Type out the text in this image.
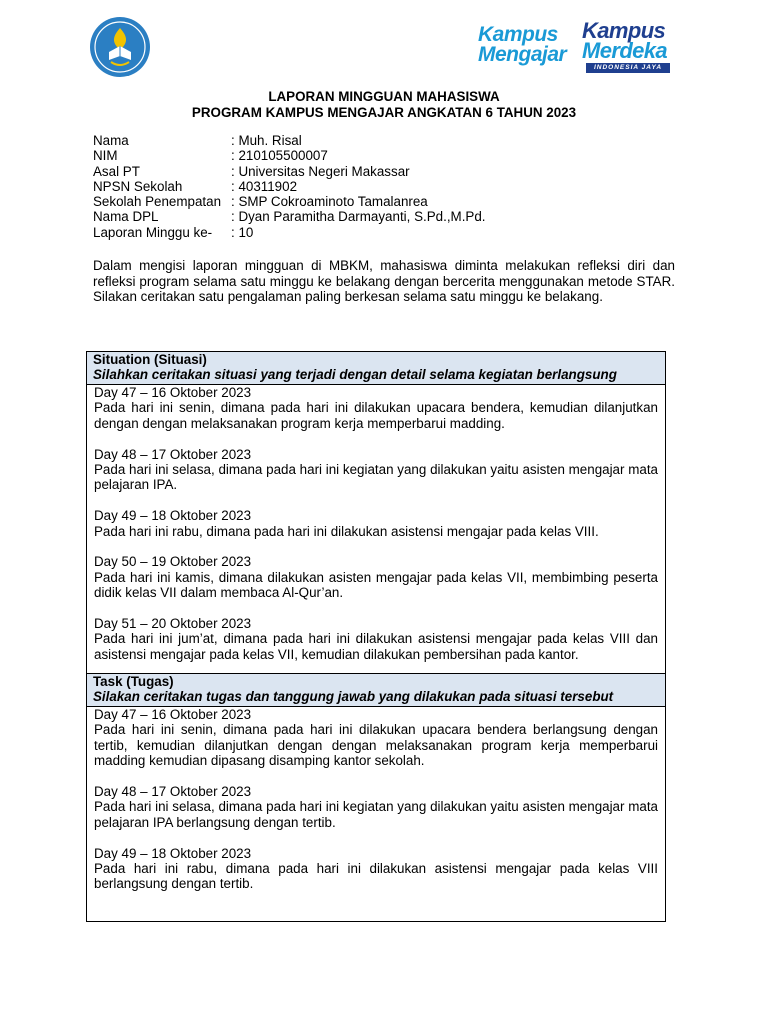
Kampus
Mengajar
Kampus
Merdeka
INDONESIA JAYA
LAPORAN MINGGUAN MAHASISWA
PROGRAM KAMPUS MENGAJAR ANGKATAN 6 TAHUN 2023
Nama	: Muh. Risal
NIM	: 210105500007
Asal PT	: Universitas Negeri Makassar
NPSN Sekolah	: 40311902
Sekolah Penempatan : SMP Cokroaminoto Tamalanrea
Nama DPL	: Dyan Paramitha Darmayanti, S.Pd.,M.Pd.
Laporan Minggu ke- : 10
Dalam mengisi laporan mingguan di MBKM, mahasiswa diminta melakukan refleksi diri dan refleksi program selama satu minggu ke belakang dengan bercerita menggunakan metode STAR. Silakan ceritakan satu pengalaman paling berkesan selama satu minggu ke belakang.
Situation (Situasi)
Silahkan ceritakan situasi yang terjadi dengan detail selama kegiatan berlangsung
Day 47 – 16 Oktober 2023
Pada hari ini senin, dimana pada hari ini dilakukan upacara bendera, kemudian dilanjutkan dengan dengan melaksanakan program kerja memperbarui madding.
Day 48 – 17 Oktober 2023
Pada hari ini selasa, dimana pada hari ini kegiatan yang dilakukan yaitu asisten mengajar mata pelajaran IPA.
Day 49 – 18 Oktober 2023
Pada hari ini rabu, dimana pada hari ini dilakukan asistensi mengajar pada kelas VIII.
Day 50 – 19 Oktober 2023
Pada hari ini kamis, dimana dilakukan asisten mengajar pada kelas VII, membimbing peserta didik kelas VII dalam membaca Al-Qur’an.
Day 51 – 20 Oktober 2023
Pada hari ini jum’at, dimana pada hari ini dilakukan asistensi mengajar pada kelas VIII dan asistensi mengajar pada kelas VII, kemudian dilakukan pembersihan pada kantor.
Task (Tugas)
Silakan ceritakan tugas dan tanggung jawab yang dilakukan pada situasi tersebut
Day 47 – 16 Oktober 2023
Pada hari ini senin, dimana pada hari ini dilakukan upacara bendera berlangsung dengan tertib, kemudian dilanjutkan dengan dengan melaksanakan program kerja memperbarui madding kemudian dipasang disamping kantor sekolah.
Day 48 – 17 Oktober 2023
Pada hari ini selasa, dimana pada hari ini kegiatan yang dilakukan yaitu asisten mengajar mata pelajaran IPA berlangsung dengan tertib.
Day 49 – 18 Oktober 2023
Pada hari ini rabu, dimana pada hari ini dilakukan asistensi mengajar pada kelas VIII berlangsung dengan tertib.
